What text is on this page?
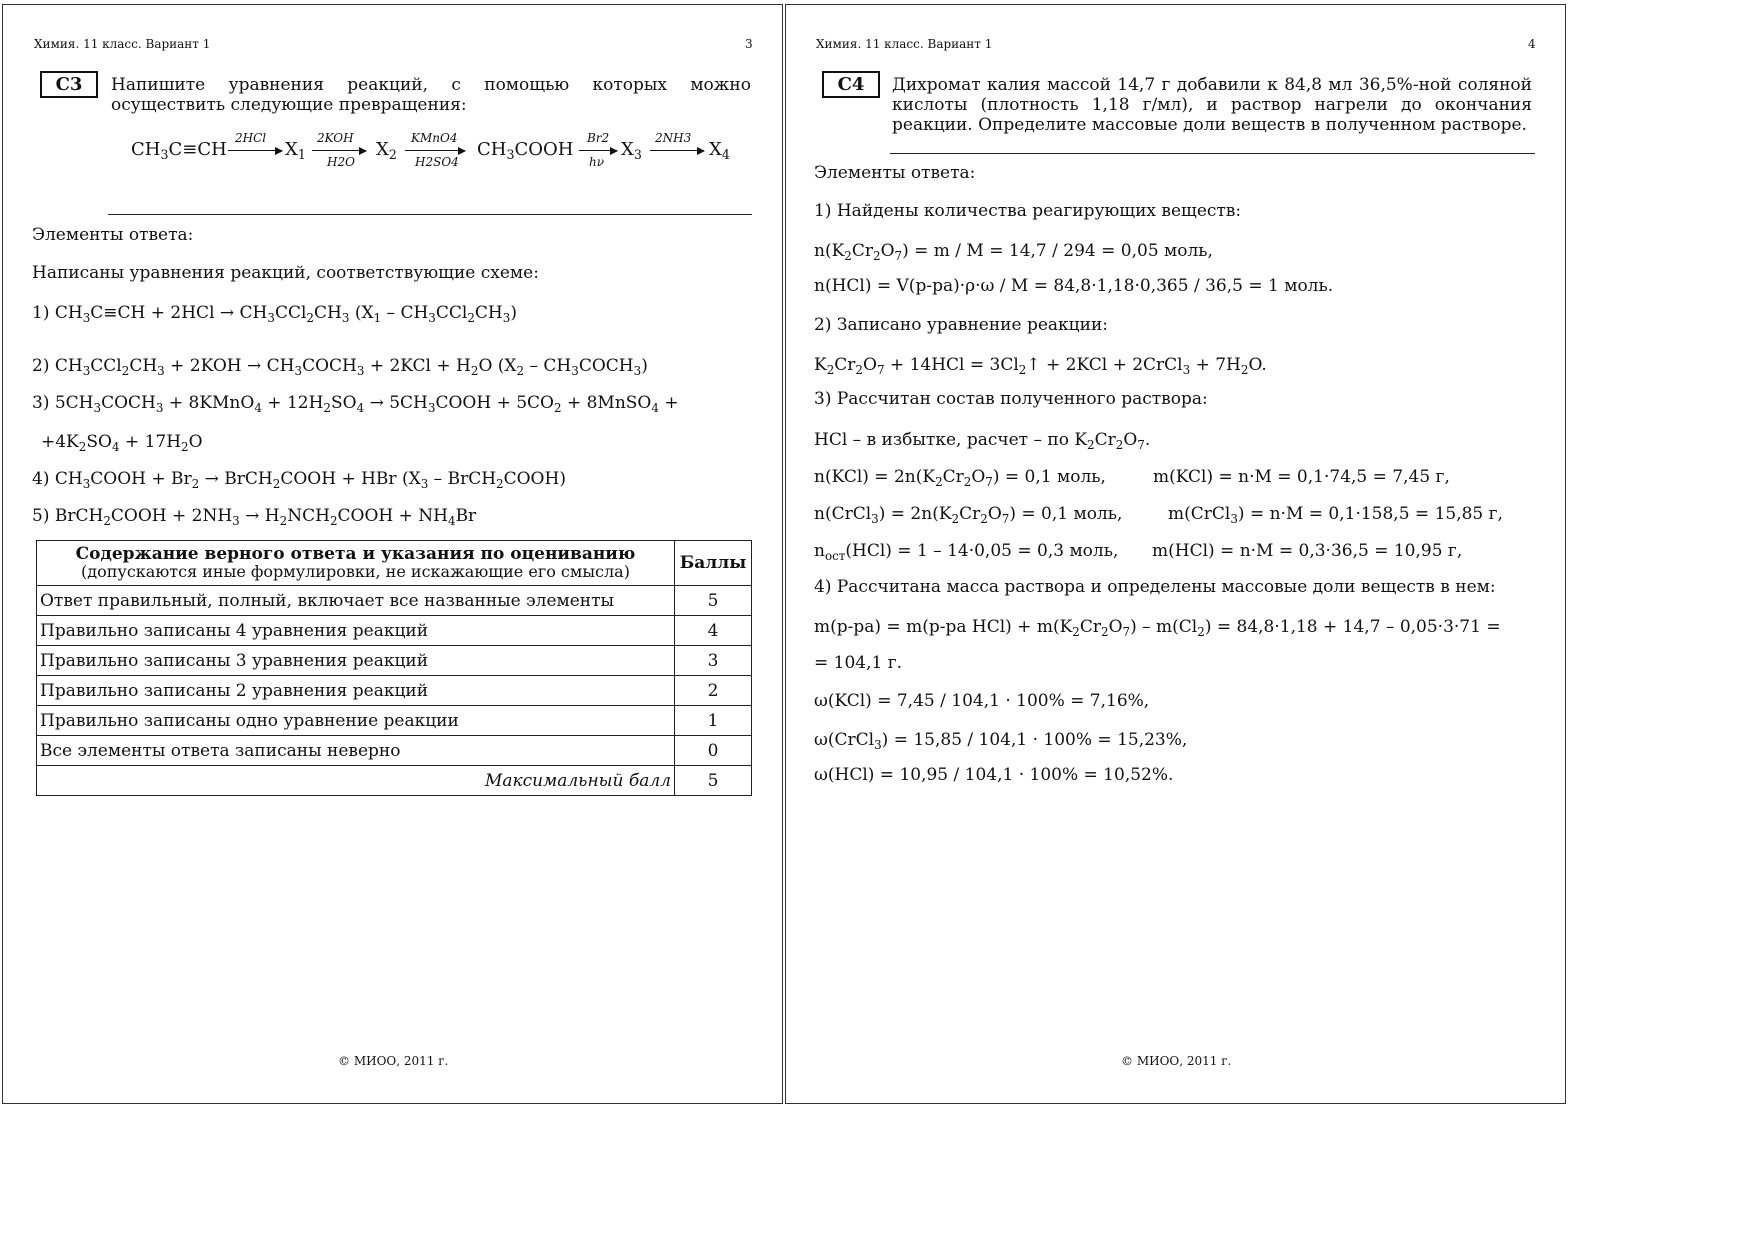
Химия. 11 класс. Вариант 1	3
С3	Напишите уравнения реакций, с помощью которых можно осуществить следующие превращения:
$CH_3C\equiv CH$
2HCl
$X_1$
2KOH
H2O
$X_2$
KMnO4
H2SO4
$CH_3COOH$
Br2
hν
$X_3$
2NH3
$X_4$
Элементы ответа:
Написаны уравнения реакций, соответствующие схеме:
1) $CH_3C\equiv CH + 2HCl \to CH_3CCl_2CH_3$ $(X_1 - CH_3CCl_2CH_3)$
2) $CH_3CCl_2CH_3 + 2KOH$ → $CH_3COCH_3 + 2KCl + H_2O$ ($X_2$ – $CH_3COCH_3$)
3) $5CH_3COCH_3$ + 8KMnO$_4$ + $12H_2SO_4$ → $5CH_3COOH + 5CO_2$ + 8MnSO$_4$ +
$+4K_2SO_4 + 17H_2O$
4) $CH_3COOH + Br_2$ → BrCH$_2$COOH + HBr ($X_3$ – BrCH$_2$COOH)
5) BrCH$_2$COOH + $2NH_3$ → $H_2NCH_2COOH + NH_4Br$
Содержание верного ответа и указания по оцениванию
(допускаются иные формулировки, не искажающие его смысла)	Баллы
Ответ правильный, полный, включает все названные элементы	5
Правильно записаны 4 уравнения реакций	4
Правильно записаны 3 уравнения реакций	3
Правильно записаны 2 уравнения реакций	2
Правильно записаны одно уравнение реакции	1
Все элементы ответа записаны неверно	0
Максимальный балл	5
© МИОО, 2011 г.
Химия. 11 класс. Вариант 1	4
С4	Дихромат калия массой 14,7 г добавили к 84,8 мл 36,5%-ной соляной кислоты (плотность 1,18 г/мл), и раствор нагрели до окончания реакции. Определите массовые доли веществ в полученном растворе.
Элементы ответа:
1) Найдены количества реагирующих веществ:
$n(K_2Cr_2O_7) = m / M = 14,7 / 294 = 0,05$ моль,
n(HCl) = V(р-ра)·ρ·ω / M = 84,8·1,18·0,365 / 36,5 = 1 моль.
2) Записано уравнение реакции:
$K_2Cr_2O_7 + 14HCl$ = $3Cl_2↑ + 2KCl$ + 2CrCl$_3$ + $7H_2O$.
3) Рассчитан состав полученного раствора:
HCl – в избытке, расчет – по $K_2Cr_2O_7$.
$n(KCl) = 2n(K_2Cr_2O_7) = 0,1$ моль,	m(KCl) = n·M = 0,1·74,5 = 7,45 г,
n(CrCl$_3$) = $2n(K_2Cr_2O_7) = 0,1$ моль,	m(CrCl$_3$) = n·M = 0,1·158,5 = 15,85 г,
$n_{ост}(HCl) = 1 - 14\cdot 0,05 = 0,3$ моль, m(HCl) = n·M = 0,3·36,5 = 10,95 г,
4) Рассчитана масса раствора и определены массовые доли веществ в нем:
m(р-ра) = m(р-ра $HCl) + m(K_2Cr_2O_7) - m(Cl_2) = 84,8\cdot 1,18 + 14,7 - 0,05\cdot 3\cdot 71$ =
= 104,1 г.
ω(KCl) = 7,45 / 104,1 · 100% = 7,16%,
ω(CrCl$_3$) = 15,85 / 104,1 · 100% = 15,23%,
ω(HCl) = 10,95 / 104,1 · 100% = 10,52%.
© МИОО, 2011 г.
